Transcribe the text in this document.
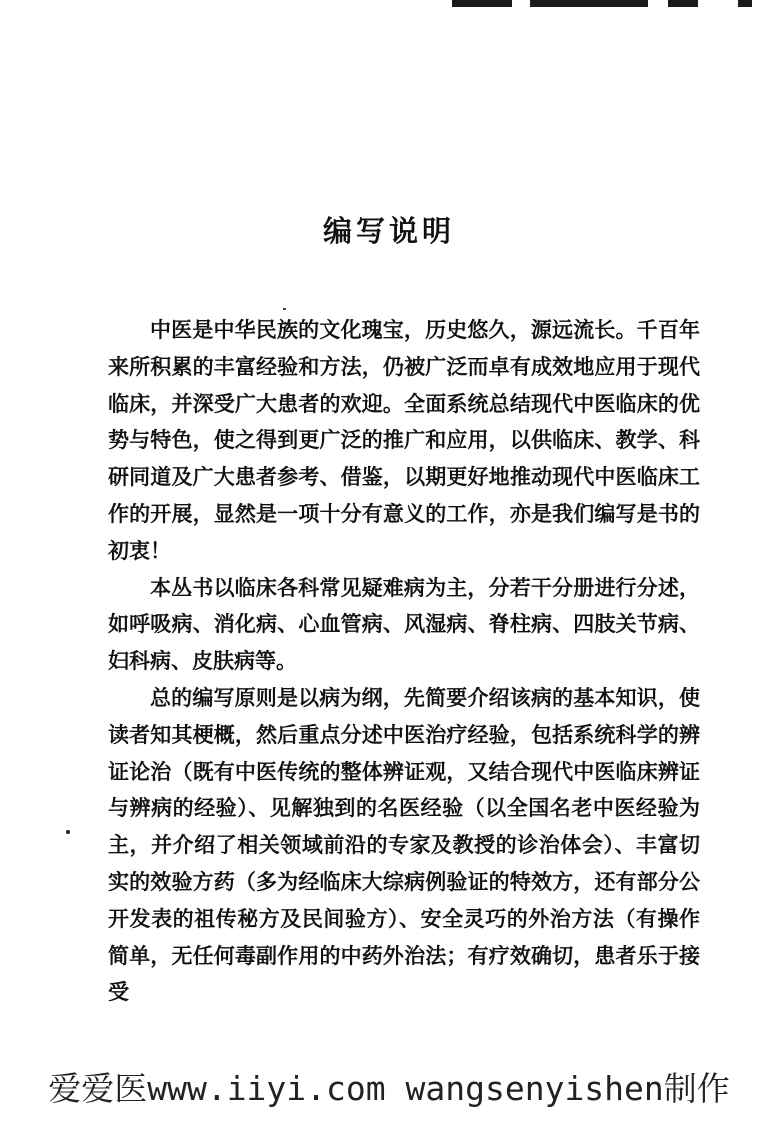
编写说明

中医是中华民族的文化瑰宝，历史悠久，源远流长。千百年来所积累的丰富经验和方法，仍被广泛而卓有成效地应用于现代临床，并深受广大患者的欢迎。全面系统总结现代中医临床的优势与特色，使之得到更广泛的推广和应用，以供临床、教学、科研同道及广大患者参考、借鉴，以期更好地推动现代中医临床工作的开展，显然是一项十分有意义的工作，亦是我们编写是书的初衷！

本丛书以临床各科常见疑难病为主，分若干分册进行分述，如呼吸病、消化病、心血管病、风湿病、脊柱病、四肢关节病、妇科病、皮肤病等。

总的编写原则是以病为纲，先简要介绍该病的基本知识，使读者知其梗概，然后重点分述中医治疗经验，包括系统科学的辨证论治（既有中医传统的整体辨证观，又结合现代中医临床辨证与辨病的经验）、见解独到的名医经验（以全国名老中医经验为主，并介绍了相关领域前沿的专家及教授的诊治体会）、丰富切实的效验方药（多为经临床大综病例验证的特效方，还有部分公开发表的祖传秘方及民间验方）、安全灵巧的外治方法（有操作简单，无任何毒副作用的中药外治法；有疗效确切，患者乐于接受

爱爱医www.iiyi.com wangsenyishen制作
